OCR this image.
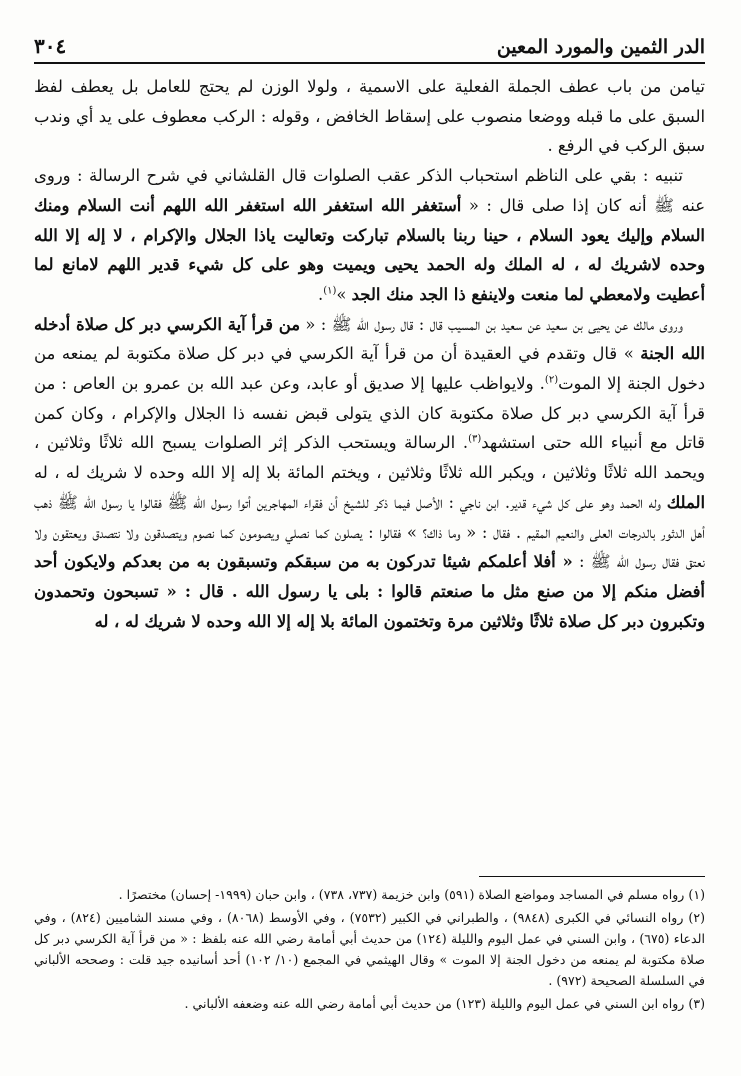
الدر الثمين والمورد المعين
٣٠٤

تيامن من باب عطف الجملة الفعلية على الاسمية ، ولولا الوزن لم يحتج للعامل بل يعطف لفظ السبق على ما قبله ووضعا منصوب على إسقاط الخافض ، وقوله : الركب معطوف على يد أي وندب سبق الركب في الرفع .

تنبيه : بقي على الناظم استحباب الذكر عقب الصلوات قال القلشاني في شرح الرسالة : وروى عنه ﷺ أنه كان إذا صلى قال : « أستغفر الله استغفر الله استغفر الله اللهم أنت السلام ومنك السلام وإليك يعود السلام ، حينا ربنا بالسلام تباركت وتعاليت ياذا الجلال والإكرام ، لا إله إلا الله وحده لاشريك له ، له الملك وله الحمد يحيى ويميت وهو على كل شيء قدير اللهم لامانع لما أعطيت ولامعطي لما منعت ولاينفع ذا الجد منك الجد »$^{(١)}$.

وروى مالك عن يحيى بن سعيد عن سعيد بن المسيب قال : قال رسول الله ﷺ : « من قرأ آية الكرسي دبر كل صلاة أدخله الله الجنة » قال وتقدم في العقيدة أن من قرأ آية الكرسي في دبر كل صلاة مكتوبة لم يمنعه من دخول الجنة إلا الموت$^{(٢)}$. ولايواظب عليها إلا صديق أو عابد، وعن عبد الله بن عمرو بن العاص : من قرأ آية الكرسي دبر كل صلاة مكتوبة كان الذي يتولى قبض نفسه ذا الجلال والإكرام ، وكان كمن قاتل مع أنبياء الله حتى استشهد$^{(٣)}$. الرسالة ويستحب الذكر إثر الصلوات يسبح الله ثلاثًا وثلاثين ، ويحمد الله ثلاثًا وثلاثين ، ويكبر الله ثلاثًا وثلاثين ، ويختم المائة بلا إله إلا الله وحده لا شريك له ، له الملك وله الحمد وهو على كل شيء قدير. ابن ناجي : الأصل فيما ذكر للشيخ أن فقراء المهاجرين أتوا رسول الله ﷺ فقالوا يا رسول الله ﷺ ذهب أهل الدثور بالدرجات العلى والنعيم المقيم . فقال : « وما ذاك؟ » فقالوا : يصلون كما نصلي ويصومون كما نصوم ويتصدقون ولا نتصدق ويعتقون ولا نعتق فقال رسول الله ﷺ : « أفلا أعلمكم شيئا تدركون به من سبقكم وتسبقون به من بعدكم ولايكون أحد أفضل منكم إلا من صنع مثل ما صنعتم قالوا : بلى يا رسول الله . قال : « تسبحون وتحمدون وتكبرون دبر كل صلاة ثلاثًا وثلاثين مرة وتختمون المائة بلا إله إلا الله وحده لا شريك له ، له

(١) رواه مسلم في المساجد ومواضع الصلاة (٥٩١) وابن خزيمة (٧٣٧، ٧٣٨) ، وابن حبان (١٩٩٩- إحسان) مختصرًا .

(٢) رواه النسائي في الكبرى (٩٨٤٨) ، والطبراني في الكبير (٧٥٣٢) ، وفي الأوسط (٨٠٦٨) ، وفي مسند الشاميين (٨٢٤) ، وفي الدعاء (٦٧٥) ، وابن السني في عمل اليوم والليلة (١٢٤) من حديث أبي أمامة رضي الله عنه بلفظ : « من قرأ آية الكرسي دبر كل صلاة مكتوبة لم يمنعه من دخول الجنة إلا الموت » وقال الهيثمي في المجمع (١٠/ ١٠٢) أحد أسانيده جيد قلت : وصححه الألباني في السلسلة الصحيحة (٩٧٢) .

(٣) رواه ابن السني في عمل اليوم والليلة (١٢٣) من حديث أبي أمامة رضي الله عنه وضعفه الألباني .
